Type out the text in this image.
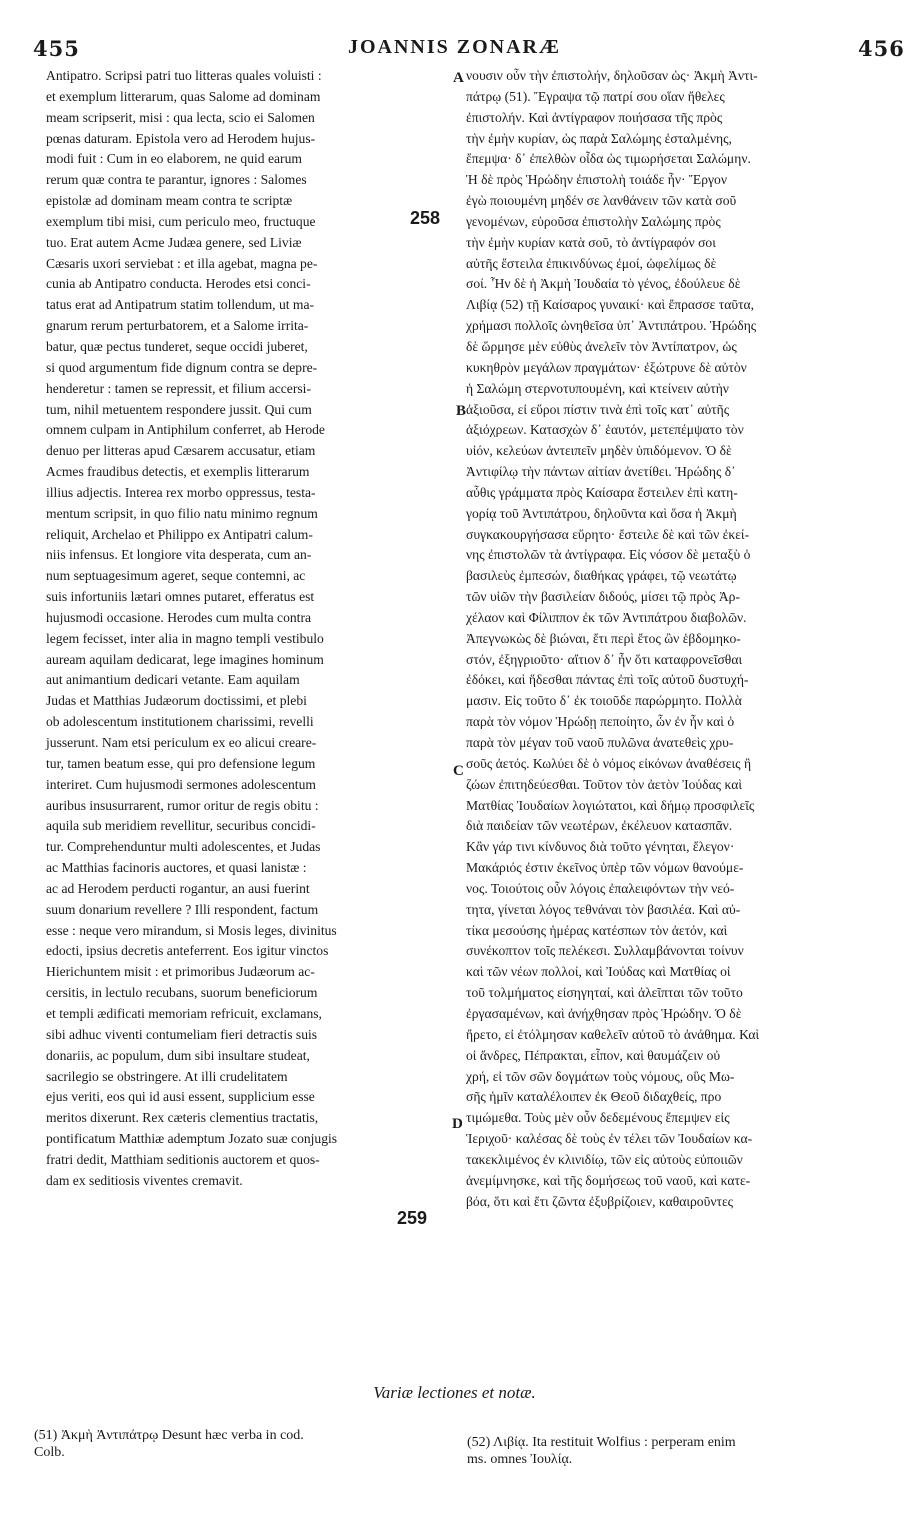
455	JOANNIS ZONARÆ	456
Antipatro. Scripsi patri tuo litteras quales voluisti :
et exemplum litterarum, quas Salome ad dominam
meam scripserit, misi : qua lecta, scio ei Salomen
pœnas daturam. Epistola vero ad Herodem hujus-
modi fuit : Cum in eo elaborem, ne quid earum
rerum quæ contra te parantur, ignores : Salomes
epistolæ ad dominam meam contra te scriptæ
exemplum tibi misi, cum periculo meo, fructuque
tuo. Erat autem Acme Judæa genere, sed Liviæ
Cæsaris uxori serviebat : et illa agebat, magna pe-
cunia ab Antipatro conducta. Herodes etsi conci-
tatus erat ad Antipatrum statim tollendum, ut ma-
gnarum rerum perturbatorem, et a Salome irrita-
batur, quæ pectus tunderet, seque occidi juberet,
si quod argumentum fide dignum contra se depre-
henderetur : tamen se repressit, et filium accersi-
tum, nihil metuentem respondere jussit. Qui cum
omnem culpam in Antiphilum conferret, ab Herode
denuo per litteras apud Cæsarem accusatur, etiam
Acmes fraudibus detectis, et exemplis litterarum
illius adjectis. Interea rex morbo oppressus, testa-
mentum scripsit, in quo filio natu minimo regnum
reliquit, Archelao et Philippo ex Antipatri calum-
niis infensus. Et longiore vita desperata, cum an-
num septuagesimum ageret, seque contemni, ac
suis infortuniis lætari omnes putaret, efferatus est
hujusmodi occasione. Herodes cum multa contra
legem fecisset, inter alia in magno templi vestibulo
auream aquilam dedicarat, lege imagines hominum
aut animantium dedicari vetante. Eam aquilam
Judas et Matthias Judæorum doctissimi, et plebi
ob adolescentum institutionem charissimi, revelli
jusserunt. Nam etsi periculum ex eo alicui creare-
tur, tamen beatum esse, qui pro defensione legum
interiret. Cum hujusmodi sermones adolescentum
auribus insusurrarent, rumor oritur de regis obitu :
aquila sub meridiem revellitur, securibus concidi-
tur. Comprehenduntur multi adolescentes, et Judas
ac Matthias facinoris auctores, et quasi lanistæ :
ac ad Herodem perducti rogantur, an ausi fuerint
suum donarium revellere ? Illi respondent, factum
esse : neque vero mirandum, si Mosis leges, divinitus
edocti, ipsius decretis anteferrent. Eos igitur vinctos
Hierichuntem misit : et primoribus Judæorum ac-
cersitis, in lectulo recubans, suorum beneficiorum
et templi ædificati memoriam refricuit, exclamans,
sibi adhuc viventi contumeliam fieri detractis suis
donariis, ac populum, dum sibi insultare studeat,
sacrilegio se obstringere. At illi crudelitatem
ejus veriti, eos qui id ausi essent, supplicium esse
meritos dixerunt. Rex cæteris clementius tractatis,
pontificatum Matthiæ ademptum Jozato suæ conjugis
fratri dedit, Matthiam seditionis auctorem et quos-
dam ex seditiosis viventes cremavit.
νουσιν οὖν τὴν ἐπιστολήν, δηλοῦσαν ὡς· Ἀκμὴ Ἀντι-
πάτρῳ (51). Ἔγραψα τῷ πατρί σου οἵαν ἤθελες
ἐπιστολήν. Καὶ ἀντίγραφον ποιήσασα τῆς πρὸς
τὴν ἐμὴν κυρίαν, ὡς παρὰ Σαλώμης ἐσταλμένης,
ἔπεμψα· δ᾽ ἐπελθὼν οἶδα ὡς τιμωρήσεται Σαλώμην.
Ἡ δὲ πρὸς Ἡρώδην ἐπιστολὴ τοιάδε ἦν· Ἔργον
ἐγὼ ποιουμένη μηδέν σε λανθάνειν τῶν κατὰ σοῦ
γενομένων, εὑροῦσα ἐπιστολὴν Σαλώμης πρὸς
τὴν ἐμὴν κυρίαν κατὰ σοῦ, τὸ ἀντίγραφόν σοι
αὐτῆς ἔστειλα ἐπικινδύνως ἐμοί, ὠφελίμως δὲ
σοί. Ἦν δὲ ἡ Ἀκμὴ Ἰουδαία τὸ γένος, ἐδούλευε δὲ
Λιβίᾳ (52) τῇ Καίσαρος γυναικί· καὶ ἔπρασσε ταῦτα,
χρήμασι πολλοῖς ὠνηθεῖσα ὑπ᾽ Ἀντιπάτρου. Ἡρώδης
δὲ ὥρμησε μὲν εὐθὺς ἀνελεῖν τὸν Ἀντίπατρον, ὡς
κυκηθρὸν μεγάλων πραγμάτων· ἐξώτρυνε δὲ αὐτὸν
ἡ Σαλώμη στερνοτυπουμένη, καὶ κτείνειν αὐτὴν
ἀξιοῦσα, εἰ εὕροι πίστιν τινὰ ἐπὶ τοῖς κατ᾽ αὐτῆς
ἀξιόχρεων. Κατασχὼν δ᾽ ἑαυτόν, μετεπέμψατο τὸν
υἱόν, κελεύων ἀντειπεῖν μηδὲν ὑπιδόμενον. Ὁ δὲ
Ἀντιφίλῳ τὴν πάντων αἰτίαν ἀνετίθει. Ἡρώδης δ᾽
αὖθις γράμματα πρὸς Καίσαρα ἔστειλεν ἐπὶ κατη-
γορίᾳ τοῦ Ἀντιπάτρου, δηλοῦντα καὶ ὅσα ἡ Ἀκμὴ
συγκακουργήσασα εὕρητο· ἔστειλε δὲ καὶ τῶν ἐκεί-
νης ἐπιστολῶν τὰ ἀντίγραφα. Εἰς νόσον δὲ μεταξὺ ὁ
βασιλεὺς ἐμπεσών, διαθήκας γράφει, τῷ νεωτάτῳ
τῶν υἱῶν τὴν βασιλείαν διδούς, μίσει τῷ πρὸς Ἀρ-
χέλαον καὶ Φίλιππον ἐκ τῶν Ἀντιπάτρου διαβολῶν.
Ἀπεγνωκὼς δὲ βιώναι, ἔτι περὶ ἔτος ὢν ἑβδομηκο-
στόν, ἐξηγριοῦτο· αἴτιον δ᾽ ἦν ὅτι καταφρονεῖσθαι
ἐδόκει, καὶ ἥδεσθαι πάντας ἐπὶ τοῖς αὐτοῦ δυστυχή-
μασιν. Εἰς τοῦτο δ᾽ ἐκ τοιοῦδε παρώρμητο. Πολλὰ
παρὰ τὸν νόμον Ἡρώδῃ πεποίητο, ὧν ἐν ἦν καὶ ὁ
παρὰ τὸν μέγαν τοῦ ναοῦ πυλῶνα ἀνατεθεὶς χρυ-
σοῦς ἀετός. Κωλύει δὲ ὁ νόμος εἰκόνων ἀναθέσεις ἢ
ζώων ἐπιτηδεύεσθαι. Τοῦτον τὸν ἀετὸν Ἰούδας καὶ
Ματθίας Ἰουδαίων λογιώτατοι, καὶ δήμῳ προσφιλεῖς
διὰ παιδείαν τῶν νεωτέρων, ἐκέλευον κατασπᾶν.
Κἂν γάρ τινι κίνδυνος διὰ τοῦτο γένηται, ἔλεγον·
Μακάριός ἐστιν ἐκεῖνος ὑπὲρ τῶν νόμων θανούμε-
νος. Τοιούτοις οὖν λόγοις ἐπαλειφόντων τὴν νεό-
τητα, γίνεται λόγος τεθνάναι τὸν βασιλέα. Καὶ αὐ-
τίκα μεσούσης ἡμέρας κατέσπων τὸν ἀετόν, καὶ
συνέκοπτον τοῖς πελέκεσι. Συλλαμβάνονται τοίνυν
καὶ τῶν νέων πολλοί, καὶ Ἰούδας καὶ Ματθίας οἱ
τοῦ τολμήματος εἰσηγηταί, καὶ ἀλεῖπται τῶν τοῦτο
ἐργασαμένων, καὶ ἀνήχθησαν πρὸς Ἡρώδην. Ὁ δὲ
ἤρετο, εἰ ἐτόλμησαν καθελεῖν αὐτοῦ τὸ ἀνάθημα. Καὶ
οἱ ἄνδρες, Πέπρακται, εἶπον, καὶ θαυμάζειν οὐ
χρή, εἰ τῶν σῶν δογμάτων τοὺς νόμους, οὓς Μω-
σῆς ἡμῖν καταλέλοιπεν ἐκ Θεοῦ διδαχθείς, προ
τιμώμεθα. Τοὺς μὲν οὖν δεδεμένους ἔπεμψεν εἰς
Ἱεριχοῦ· καλέσας δὲ τοὺς ἐν τέλει τῶν Ἰουδαίων κα-
τακεκλιμένος ἐν κλινιδίῳ, τῶν εἰς αὐτοὺς εὐποιιῶν
ἀνεμίμνησκε, καὶ τῆς δομήσεως τοῦ ναοῦ, καὶ κατε-
βόα, ὅτι καὶ ἔτι ζῶντα ἐξυβρίζοιεν, καθαιροῦντες
258
259
A
B
C
D
Variæ lectiones et notæ.
(51) Ἀκμὴ Ἀντιπάτρῳ Desunt hæc verba in cod.
Colb.
(52) Λιβίᾳ. Ita restituit Wolfius : perperam enim
ms. omnes Ἰουλίᾳ.
